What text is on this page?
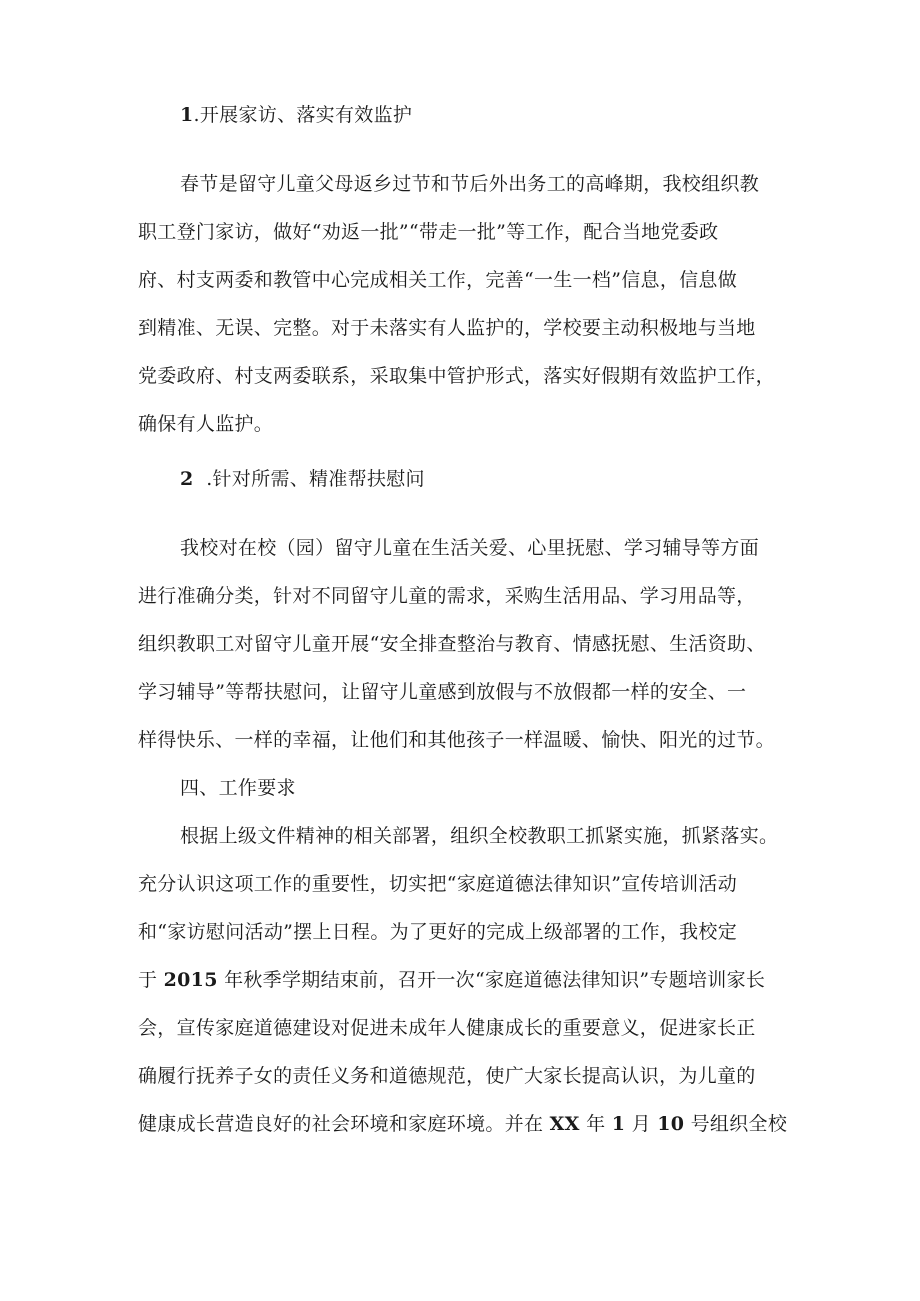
1.开展家访、落实有效监护
春节是留守儿童父母返乡过节和节后外出务工的高峰期，我校组织教
职工登门家访，做好“劝返一批”“带走一批”等工作，配合当地党委政
府、村支两委和教管中心完成相关工作，完善“一生一档”信息，信息做
到精准、无误、完整。对于未落实有人监护的，学校要主动积极地与当地
党委政府、村支两委联系，采取集中管护形式，落实好假期有效监护工作，
确保有人监护。
2 .针对所需、精准帮扶慰问
我校对在校（园）留守儿童在生活关爱、心里抚慰、学习辅导等方面
进行准确分类，针对不同留守儿童的需求，采购生活用品、学习用品等，
组织教职工对留守儿童开展“安全排查整治与教育、情感抚慰、生活资助、
学习辅导”等帮扶慰问，让留守儿童感到放假与不放假都一样的安全、一
样得快乐、一样的幸福，让他们和其他孩子一样温暖、愉快、阳光的过节。
四、工作要求
根据上级文件精神的相关部署，组织全校教职工抓紧实施，抓紧落实。
充分认识这项工作的重要性，切实把“家庭道德法律知识”宣传培训活动
和“家访慰问活动”摆上日程。为了更好的完成上级部署的工作，我校定
于 2015 年秋季学期结束前，召开一次“家庭道德法律知识”专题培训家长
会，宣传家庭道德建设对促进未成年人健康成长的重要意义，促进家长正
确履行抚养子女的责任义务和道德规范，使广大家长提高认识，为儿童的
健康成长营造良好的社会环境和家庭环境。并在 XX 年 1 月 10 号组织全校
